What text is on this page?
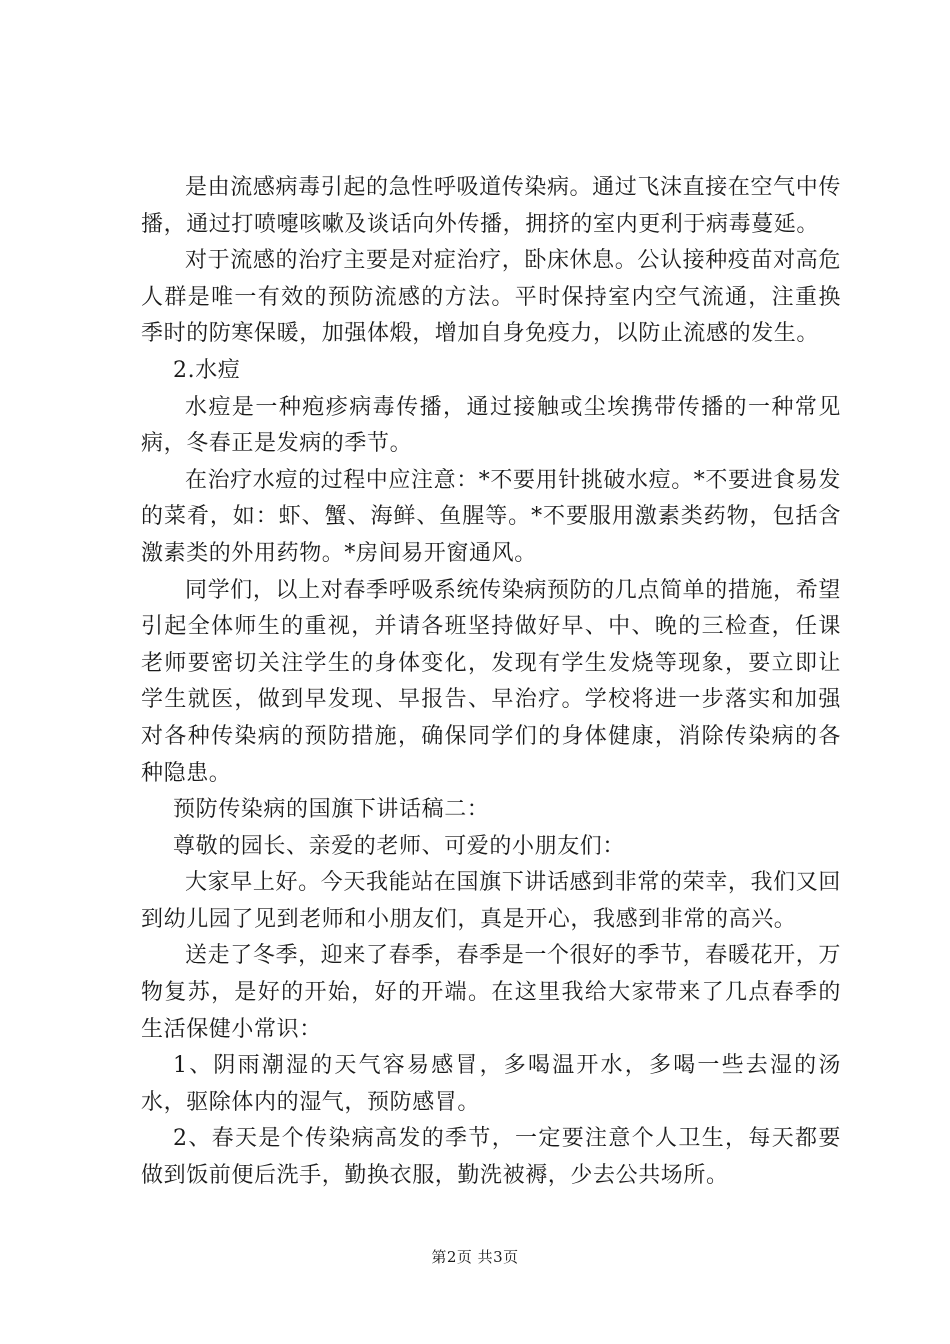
是由流感病毒引起的急性呼吸道传染病。通过飞沫直接在空气中传播，通过打喷嚏咳嗽及谈话向外传播，拥挤的室内更利于病毒蔓延。

对于流感的治疗主要是对症治疗，卧床休息。公认接种疫苗对高危人群是唯一有效的预防流感的方法。平时保持室内空气流通，注重换季时的防寒保暖，加强体煅，增加自身免疫力，以防止流感的发生。

2.水痘

水痘是一种疱疹病毒传播，通过接触或尘埃携带传播的一种常见病，冬春正是发病的季节。

在治疗水痘的过程中应注意：*不要用针挑破水痘。*不要进食易发的菜肴，如：虾、蟹、海鲜、鱼腥等。*不要服用激素类药物，包括含激素类的外用药物。*房间易开窗通风。

同学们，以上对春季呼吸系统传染病预防的几点简单的措施，希望引起全体师生的重视，并请各班坚持做好早、中、晚的三检查，任课老师要密切关注学生的身体变化，发现有学生发烧等现象，要立即让学生就医，做到早发现、早报告、早治疗。学校将进一步落实和加强对各种传染病的预防措施，确保同学们的身体健康，消除传染病的各种隐患。

预防传染病的国旗下讲话稿二：

尊敬的园长、亲爱的老师、可爱的小朋友们：

大家早上好。今天我能站在国旗下讲话感到非常的荣幸，我们又回到幼儿园了见到老师和小朋友们，真是开心，我感到非常的高兴。

送走了冬季，迎来了春季，春季是一个很好的季节，春暖花开，万物复苏，是好的开始，好的开端。在这里我给大家带来了几点春季的生活保健小常识：

1、阴雨潮湿的天气容易感冒，多喝温开水，多喝一些去湿的汤水，驱除体内的湿气，预防感冒。

2、春天是个传染病高发的季节，一定要注意个人卫生，每天都要做到饭前便后洗手，勤换衣服，勤洗被褥，少去公共场所。

第2页 共3页
